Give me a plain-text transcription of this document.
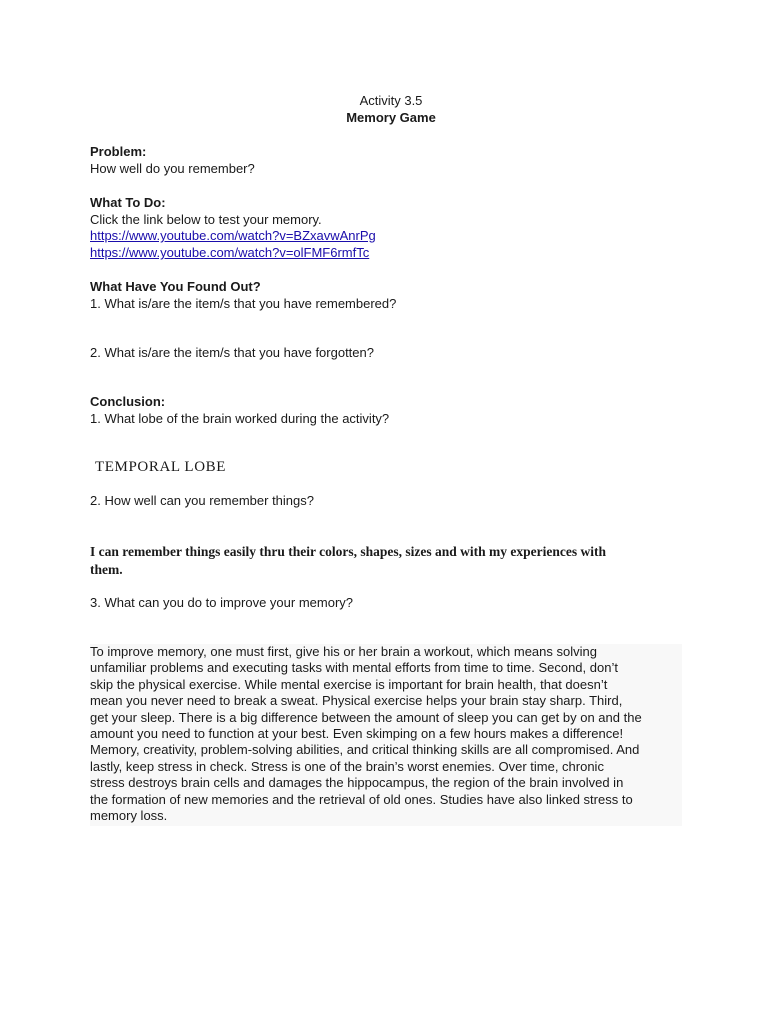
Activity 3.5
Memory Game
Problem:
How well do you remember?
What To Do:
Click the link below to test your memory.
https://www.youtube.com/watch?v=BZxavwAnrPg
https://www.youtube.com/watch?v=olFMF6rmfTc
What Have You Found Out?
1. What is/are the item/s that you have remembered?
2. What is/are the item/s that you have forgotten?
Conclusion:
1. What lobe of the brain worked during the activity?
TEMPORAL LOBE
2. How well can you remember things?
I can remember things easily thru their colors, shapes, sizes and with my experiences with
them.
3. What can you do to improve your memory?
To improve memory, one must first, give his or her brain a workout, which means solving
unfamiliar problems and executing tasks with mental efforts from time to time. Second, don’t
skip the physical exercise. While mental exercise is important for brain health, that doesn’t
mean you never need to break a sweat. Physical exercise helps your brain stay sharp. Third,
get your sleep. There is a big difference between the amount of sleep you can get by on and the
amount you need to function at your best. Even skimping on a few hours makes a difference!
Memory, creativity, problem-solving abilities, and critical thinking skills are all compromised. And
lastly, keep stress in check. Stress is one of the brain’s worst enemies. Over time, chronic
stress destroys brain cells and damages the hippocampus, the region of the brain involved in
the formation of new memories and the retrieval of old ones. Studies have also linked stress to
memory loss.
